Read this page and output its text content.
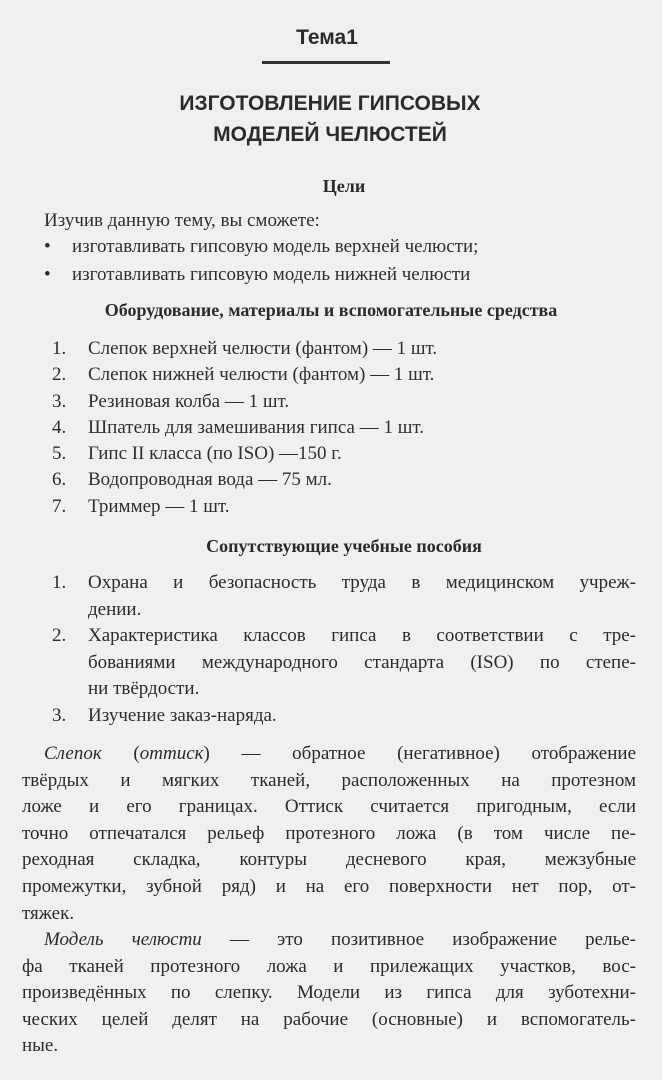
Тема1
ИЗГОТОВЛЕНИЕ ГИПСОВЫХ
МОДЕЛЕЙ ЧЕЛЮСТЕЙ
Цели
Изучив данную тему, вы сможете:
• изготавливать гипсовую модель верхней челюсти;
• изготавливать гипсовую модель нижней челюсти
Оборудование, материалы и вспомогательные средства
1. Слепок верхней челюсти (фантом) — 1 шт.
2. Слепок нижней челюсти (фантом) — 1 шт.
3. Резиновая колба — 1 шт.
4. Шпатель для замешивания гипса — 1 шт.
5. Гипс II класса (по ISO) —150 г.
6. Водопроводная вода — 75 мл.
7. Триммер — 1 шт.
Сопутствующие учебные пособия
1. Охрана и безопасность труда в медицинском учреж-
дении.
2. Характеристика классов гипса в соответствии с тре-
бованиями международного стандарта (ISO) по степе-
ни твёрдости.
3. Изучение заказ-наряда.
Слепок (оттиск) — обратное (негативное) отображение
твёрдых и мягких тканей, расположенных на протезном
ложе и его границах. Оттиск считается пригодным, если
точно отпечатался рельеф протезного ложа (в том числе пе-
реходная складка, контуры десневого края, межзубные
промежутки, зубной ряд) и на его поверхности нет пор, от-
тяжек.
Модель челюсти — это позитивное изображение релье-
фа тканей протезного ложа и прилежащих участков, вос-
произведённых по слепку. Модели из гипса для зуботехни-
ческих целей делят на рабочие (основные) и вспомогатель-
ные.
